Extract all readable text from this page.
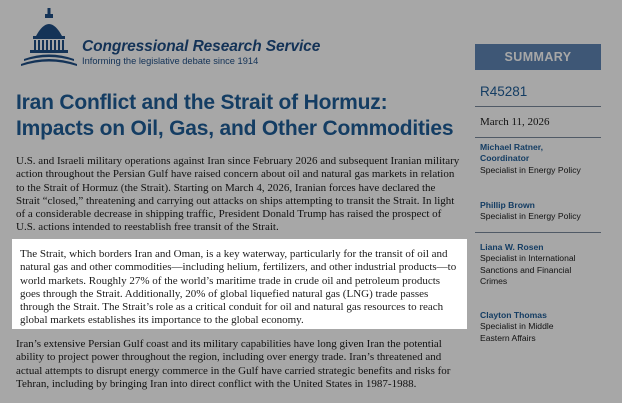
Congressional Research Service
Informing the legislative debate since 1914
Iran Conflict and the Strait of Hormuz: Impacts on Oil, Gas, and Other Commodities

U.S. and Israeli military operations against Iran since February 2026 and subsequent Iranian military action throughout the Persian Gulf have raised concern about oil and natural gas markets in relation to the Strait of Hormuz (the Strait). Starting on March 4, 2026, Iranian forces have declared the Strait “closed,” threatening and carrying out attacks on ships attempting to transit the Strait. In light of a considerable decrease in shipping traffic, President Donald Trump has raised the prospect of U.S. actions intended to reestablish free transit of the Strait.

The Strait, which borders Iran and Oman, is a key waterway, particularly for the transit of oil and natural gas and other commodities—including helium, fertilizers, and other industrial products—to world markets. Roughly 27% of the world’s maritime trade in crude oil and petroleum products goes through the Strait. Additionally, 20% of global liquefied natural gas (LNG) trade passes through the Strait. The Strait’s role as a critical conduit for oil and natural gas resources to reach global markets establishes its importance to the global economy.

Iran’s extensive Persian Gulf coast and its military capabilities have long given Iran the potential ability to project power throughout the region, including over energy trade. Iran’s threatened and actual attempts to disrupt energy commerce in the Gulf have carried strategic benefits and risks for Tehran, including by bringing Iran into direct conflict with the United States in 1987-1988.

SUMMARY
R45281
March 11, 2026
Michael Ratner,
Coordinator
Specialist in Energy Policy
Phillip Brown
Specialist in Energy Policy
Liana W. Rosen
Specialist in International
Sanctions and Financial
Crimes
Clayton Thomas
Specialist in Middle
Eastern Affairs
